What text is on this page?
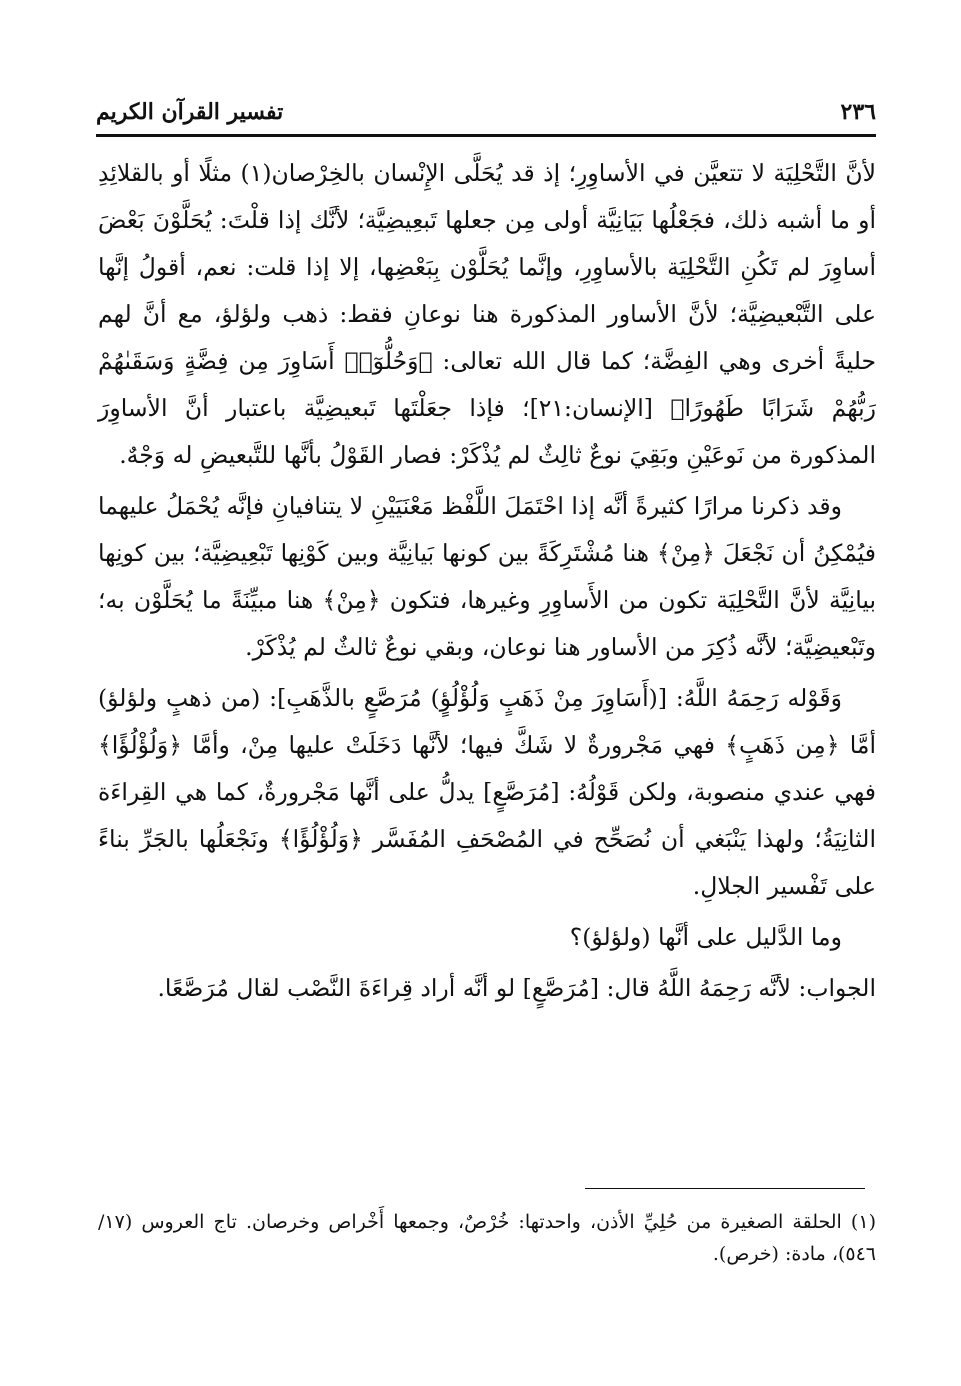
٢٣٦
تفسير القرآن الكريم

لأنَّ التَّحْلِيَة لا تتعيَّن في الأساوِرِ؛ إذ قد يُحَلَّى الإِنْسان بالخِرْصان(١) مثلًا أو بالقلائِدِ أو ما أشبه ذلك، فجَعْلُها بَيَانِيَّة أولى مِن جعلها تَبعِيضِيَّة؛ لأنَّك إذا قلْتَ: يُحَلَّوْنَ بَعْضَ أساوِرَ لم تَكُنِ التَّحْلِيَة بالأساوِرِ، وإنَّما يُحَلَّوْن بِبَعْضِها، إلا إذا قلت: نعم، أقولُ إنَّها على التَّبْعيضِيَّة؛ لأنَّ الأساور المذكورة هنا نوعانِ فقط: ذهب ولؤلؤ، مع أنَّ لهم حليةً أخرى وهي الفِضَّة؛ كما قال الله تعالى: ﴿وَحُلُّوٓا۟ أَسَاوِرَ مِن فِضَّةٍ وَسَقَىٰهُمْ رَبُّهُمْ شَرَابًا طَهُورًا﴾ [الإنسان:٢١]؛ فإذا جعَلْتَها تَبعيضِيَّة باعتبار أنَّ الأساوِرَ المذكورة من نَوعَيْنِ وبَقِيَ نوعٌ ثالِثٌ لم يُذْكَرْ: فصار القَوْلُ بأنَّها للتَّبعيضِ له وَجْهٌ.

وقد ذكرنا مرارًا كثيرةً أنَّه إذا احْتَمَلَ اللَّفْظ مَعْنَيَيْنِ لا يتنافيانِ فإنَّه يُحْمَلُ عليهما فيُمْكِنُ أن نَجْعَلَ ﴿مِنْ﴾ هنا مُشْتَرِكَةً بين كونها بَيانِيَّة وبين كَوْنِها تَبْعِيضِيَّة؛ بين كونِها بيانِيَّة لأنَّ التَّحْلِيَة تكون من الأَساوِرِ وغيرها، فتكون ﴿مِنْ﴾ هنا مبيِّنَةً ما يُحَلَّوْن به؛ وتَبْعيضِيَّة؛ لأنَّه ذُكِرَ من الأساور هنا نوعان، وبقي نوعٌ ثالثٌ لم يُذْكَرْ.

وَقَوْله رَحِمَهُ اللَّهُ: [(أَسَاوِرَ مِنْ ذَهَبٍ وَلُؤْلُؤٍ) مُرَصَّعٍ بالذَّهَبِ]: (من ذهبٍ ولؤلؤ) أمَّا ﴿مِن ذَهَبٍ﴾ فهي مَجْرورةٌ لا شَكَّ فيها؛ لأنَّها دَخَلَتْ عليها مِنْ، وأمَّا ﴿وَلُؤْلُؤًا﴾ فهي عندي منصوبة، ولكن قَوْلُهُ: [مُرَصَّعٍ] يدلُّ على أنَّها مَجْرورةٌ، كما هي القِراءَة الثانِيَةُ؛ ولهذا يَنْبَغي أن نُصَحِّح في المُصْحَفِ المُفَسَّر ﴿وَلُؤْلُؤًا﴾ ونَجْعَلُها بالجَرِّ بناءً على تَفْسير الجلالِ.

وما الدَّليل على أنَّها (ولؤلؤ)؟

الجواب: لأنَّه رَحِمَهُ اللَّهُ قال: [مُرَصَّعٍ] لو أنَّه أراد قِراءَةَ النَّصْب لقال مُرَصَّعًا.

(١) الحلقة الصغيرة من حُلِيِّ الأذن، واحدتها: خُرْصٌ، وجمعها أَخْراص وخرصان. تاج العروس (١٧/ ٥٤٦)، مادة: (خرص).
